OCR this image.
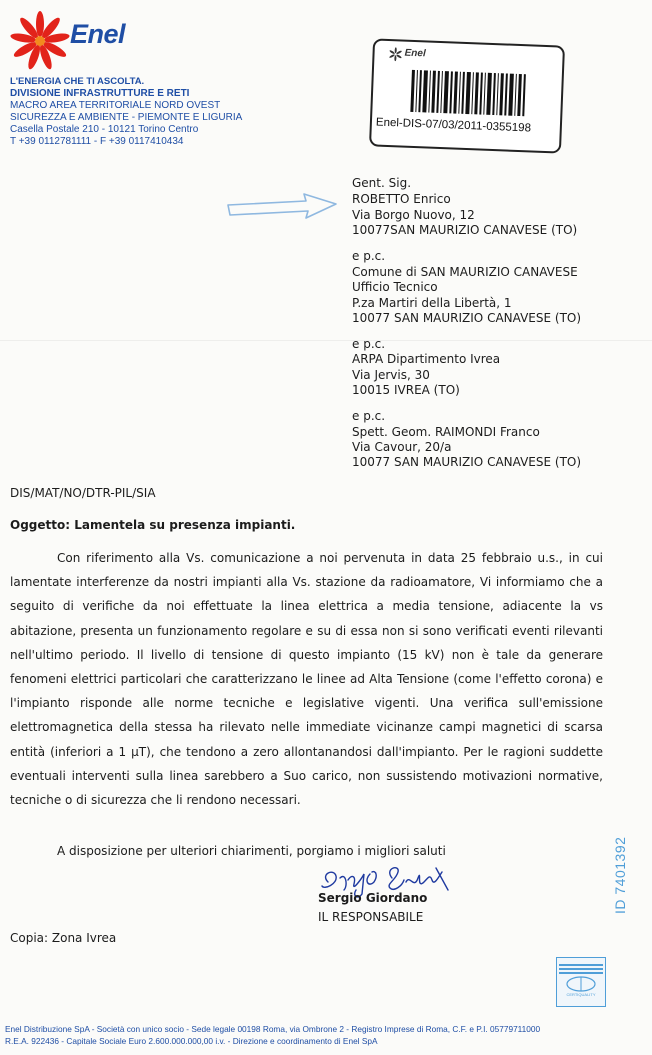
Enel
L'ENERGIA CHE TI ASCOLTA.
DIVISIONE INFRASTRUTTURE E RETI
MACRO AREA TERRITORIALE NORD OVEST
SICUREZZA E AMBIENTE - PIEMONTE E LIGURIA
Casella Postale 210 - 10121 Torino Centro
T +39 0112781111 - F +39 0117410434
Enel
Enel-DIS-07/03/2011-0355198
Gent. Sig.
ROBETTO Enrico
Via Borgo Nuovo, 12
10077SAN MAURIZIO CANAVESE (TO)
e p.c.
Comune di SAN MAURIZIO CANAVESE
Ufficio Tecnico
P.za Martiri della Libertà, 1
10077 SAN MAURIZIO CANAVESE (TO)
e p.c.
ARPA Dipartimento Ivrea
Via Jervis, 30
10015 IVREA (TO)
e p.c.
Spett. Geom. RAIMONDI Franco
Via Cavour, 20/a
10077 SAN MAURIZIO CANAVESE (TO)
DIS/MAT/NO/DTR-PIL/SIA
Oggetto: Lamentela su presenza impianti.
Con riferimento alla Vs. comunicazione a noi pervenuta in data 25 febbraio u.s., in cui lamentate interferenze da nostri impianti alla Vs. stazione da radioamatore, Vi informiamo che a seguito di verifiche da noi effettuate la linea elettrica a media tensione, adiacente la vs abitazione, presenta un funzionamento regolare e su di essa non si sono verificati eventi rilevanti nell'ultimo periodo. Il livello di tensione di questo impianto (15 kV) non è tale da generare fenomeni elettrici particolari che caratterizzano le linee ad Alta Tensione (come l'effetto corona) e l'impianto risponde alle norme tecniche e legislative vigenti. Una verifica sull'emissione elettromagnetica della stessa ha rilevato nelle immediate vicinanze campi magnetici di scarsa entità (inferiori a 1 μT), che tendono a zero allontanandosi dall'impianto. Per le ragioni suddette eventuali interventi sulla linea sarebbero a Suo carico, non sussistendo motivazioni normative, tecniche o di sicurezza che li rendono necessari.
A disposizione per ulteriori chiarimenti, porgiamo i migliori saluti
Sergio Giordano
IL RESPONSABILE
Copia: Zona Ivrea
ID 7401392
CERTIQUALITY
Enel Distribuzione SpA - Società con unico socio - Sede legale 00198 Roma, via Ombrone 2 - Registro Imprese di Roma, C.F. e P.I. 05779711000
R.E.A. 922436 - Capitale Sociale Euro 2.600.000.000,00 i.v. - Direzione e coordinamento di Enel SpA
